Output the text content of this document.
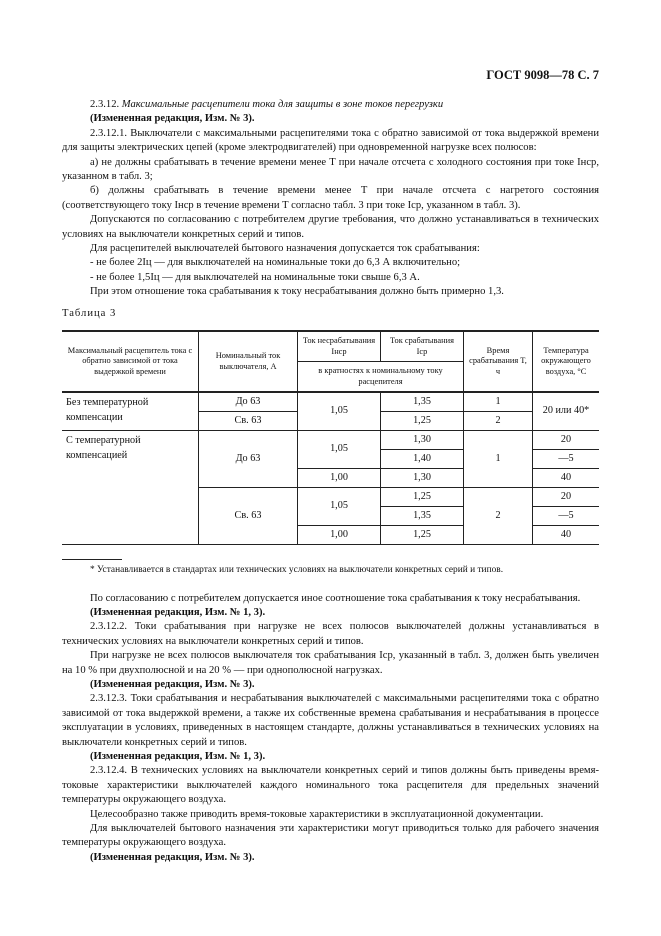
ГОСТ 9098—78 С. 7

2.3.12. Максимальные расцепители тока для защиты в зоне токов перегрузки

(Измененная редакция, Изм. № 3).

2.3.12.1. Выключатели с максимальными расцепителями тока с обратно зависимой от тока выдержкой времени для защиты электрических цепей (кроме электродвигателей) при одновременной нагрузке всех полюсов:

а) не должны срабатывать в течение времени менее T при начале отсчета с холодного состояния при токе Iнср, указанном в табл. 3;

б) должны срабатывать в течение времени менее T при начале отсчета с нагретого состояния (соответствующего току Iнср в течение времени T согласно табл. 3 при токе Iср, указанном в табл. 3).

Допускаются по согласованию с потребителем другие требования, что должно устанавливаться в технических условиях на выключатели конкретных серий и типов.

Для расцепителей выключателей бытового назначения допускается ток срабатывания:

- не более 2Iц — для выключателей на номинальные токи до 6,3 А включительно;

- не более 1,5Iц — для выключателей на номинальные токи свыше 6,3 А.

При этом отношение тока срабатывания к току несрабатывания должно быть примерно 1,3.

Таблица 3

Максимальный расцепитель тока с обратно зависимой от тока выдержкой времени	Номинальный ток выключателя, А	Ток несрабатывания Iнср	Ток срабатывания Iср	Время срабатывания T, ч	Температура окружающего воздуха, °С
		в кратностях к номинальному току расцепителя			
Без температурной компенсации	До 63	1,05	1,35	1	20 или 40*
	Св. 63		1,25	2	
С температурной компенсацией	До 63	1,05	1,30	1	20
			1,40		—5
		1,00	1,30		40
	Св. 63	1,05	1,25	2	20
			1,35		—5
		1,00	1,25		40

* Устанавливается в стандартах или технических условиях на выключатели конкретных серий и типов.

По согласованию с потребителем допускается иное соотношение тока срабатывания к току несрабатывания.

(Измененная редакция, Изм. № 1, 3).

2.3.12.2. Токи срабатывания при нагрузке не всех полюсов выключателей должны устанавливаться в технических условиях на выключатели конкретных серий и типов.

При нагрузке не всех полюсов выключателя ток срабатывания Iср, указанный в табл. 3, должен быть увеличен на 10 % при двухполюсной и на 20 % — при однополюсной нагрузках.

(Измененная редакция, Изм. № 3).

2.3.12.3. Токи срабатывания и несрабатывания выключателей с максимальными расцепителями тока с обратно зависимой от тока выдержкой времени, а также их собственные времена срабатывания и несрабатывания в процессе эксплуатации в условиях, приведенных в настоящем стандарте, должны устанавливаться в технических условиях на выключатели конкретных серий и типов.

(Измененная редакция, Изм. № 1, 3).

2.3.12.4. В технических условиях на выключатели конкретных серий и типов должны быть приведены время-токовые характеристики выключателей каждого номинального тока расцепителя для предельных значений температуры окружающего воздуха.

Целесообразно также приводить время-токовые характеристики в эксплуатационной документации.

Для выключателей бытового назначения эти характеристики могут приводиться только для рабочего значения температуры окружающего воздуха.

(Измененная редакция, Изм. № 3).
